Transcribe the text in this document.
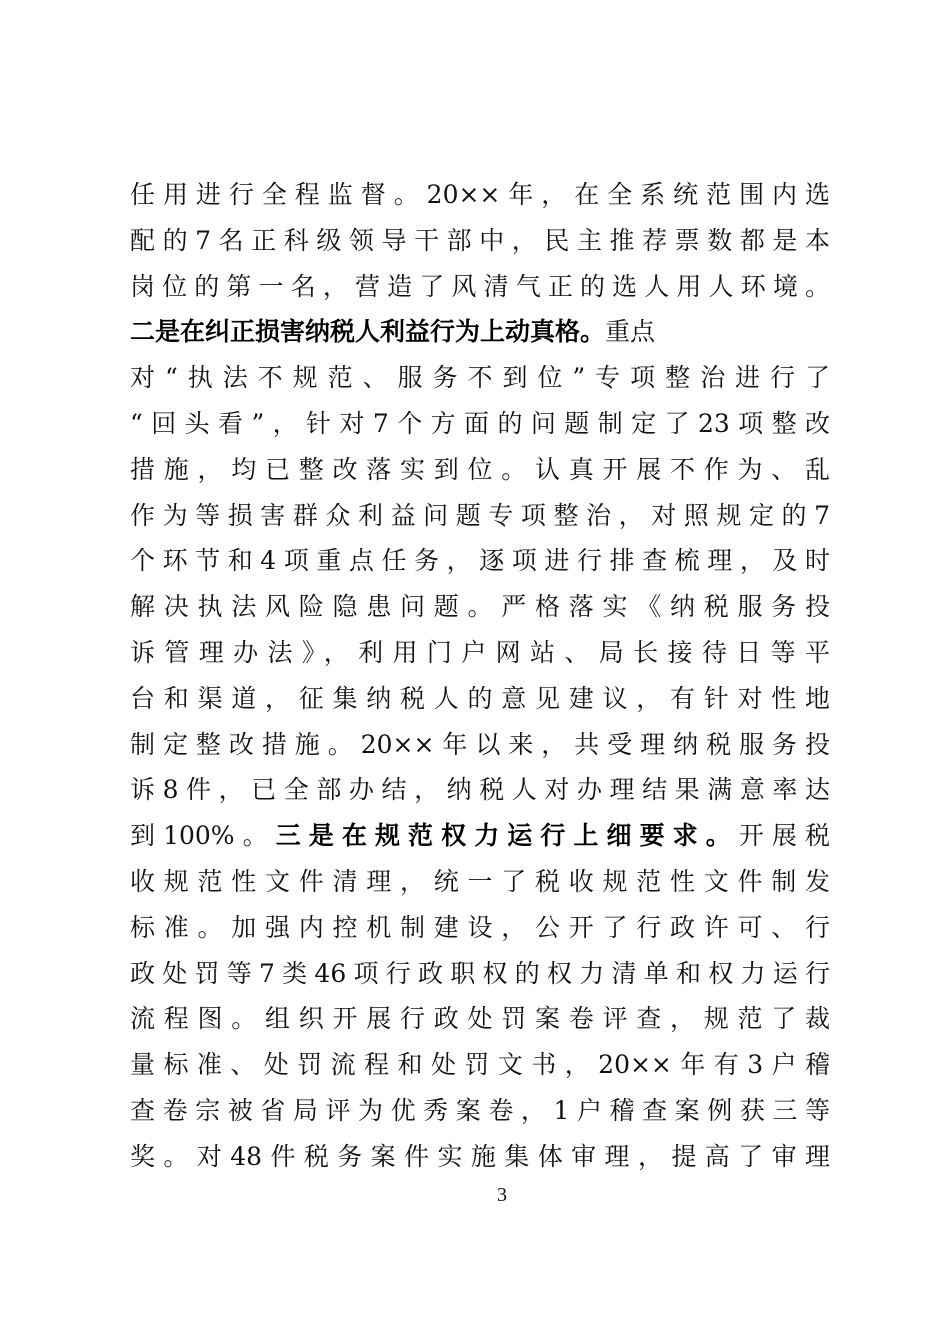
任用进行全程监督。20××年，在全系统范围内选
配的7名正科级领导干部中，民主推荐票数都是本
岗位的第一名，营造了风清气正的选人用人环境。
二是在纠正损害纳税人利益行为上动真格。重点
对“执法不规范、服务不到位”专项整治进行了
“回头看”，针对7个方面的问题制定了23项整改
措施，均已整改落实到位。认真开展不作为、乱
作为等损害群众利益问题专项整治，对照规定的7
个环节和4项重点任务，逐项进行排查梳理，及时
解决执法风险隐患问题。严格落实《纳税服务投
诉管理办法》，利用门户网站、局长接待日等平
台和渠道，征集纳税人的意见建议，有针对性地
制定整改措施。20××年以来，共受理纳税服务投
诉8件，已全部办结，纳税人对办理结果满意率达
到100%。三是在规范权力运行上细要求。开展税
收规范性文件清理，统一了税收规范性文件制发
标准。加强内控机制建设，公开了行政许可、行
政处罚等7类46项行政职权的权力清单和权力运行
流程图。组织开展行政处罚案卷评查，规范了裁
量标准、处罚流程和处罚文书，20××年有3户稽
查卷宗被省局评为优秀案卷，1户稽查案例获三等
奖。对48件税务案件实施集体审理，提高了审理
3
